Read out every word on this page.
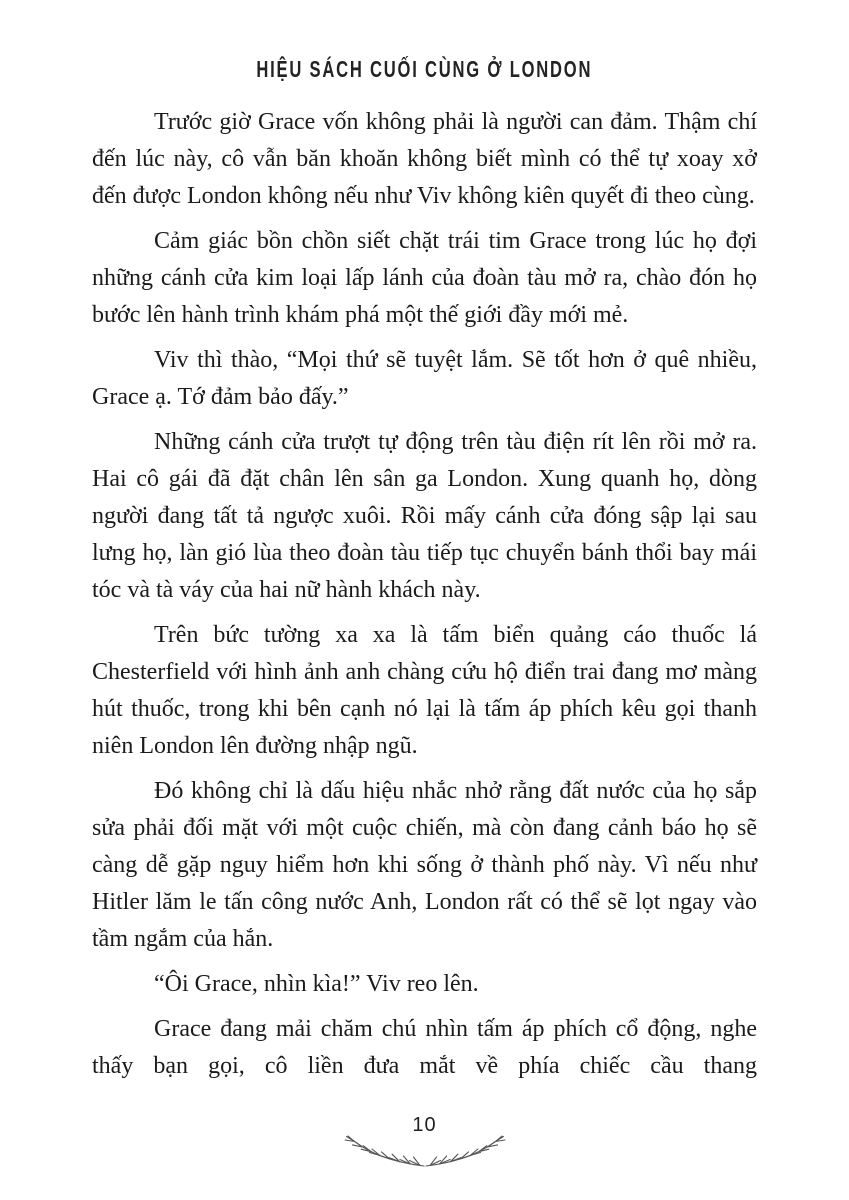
HIỆU SÁCH CUỐI CÙNG Ở LONDON

Trước giờ Grace vốn không phải là người can đảm. Thậm chí đến lúc này, cô vẫn băn khoăn không biết mình có thể tự xoay xở đến được London không nếu như Viv không kiên quyết đi theo cùng.

Cảm giác bồn chồn siết chặt trái tim Grace trong lúc họ đợi những cánh cửa kim loại lấp lánh của đoàn tàu mở ra, chào đón họ bước lên hành trình khám phá một thế giới đầy mới mẻ.

Viv thì thào, “Mọi thứ sẽ tuyệt lắm. Sẽ tốt hơn ở quê nhiều, Grace ạ. Tớ đảm bảo đấy.”

Những cánh cửa trượt tự động trên tàu điện rít lên rồi mở ra. Hai cô gái đã đặt chân lên sân ga London. Xung quanh họ, dòng người đang tất tả ngược xuôi. Rồi mấy cánh cửa đóng sập lại sau lưng họ, làn gió lùa theo đoàn tàu tiếp tục chuyển bánh thổi bay mái tóc và tà váy của hai nữ hành khách này.

Trên bức tường xa xa là tấm biển quảng cáo thuốc lá Chesterfield với hình ảnh anh chàng cứu hộ điển trai đang mơ màng hút thuốc, trong khi bên cạnh nó lại là tấm áp phích kêu gọi thanh niên London lên đường nhập ngũ.

Đó không chỉ là dấu hiệu nhắc nhở rằng đất nước của họ sắp sửa phải đối mặt với một cuộc chiến, mà còn đang cảnh báo họ sẽ càng dễ gặp nguy hiểm hơn khi sống ở thành phố này. Vì nếu như Hitler lăm le tấn công nước Anh, London rất có thể sẽ lọt ngay vào tầm ngắm của hắn.

“Ôi Grace, nhìn kìa!” Viv reo lên.

Grace đang mải chăm chú nhìn tấm áp phích cổ động, nghe thấy bạn gọi, cô liền đưa mắt về phía chiếc cầu thang

10
